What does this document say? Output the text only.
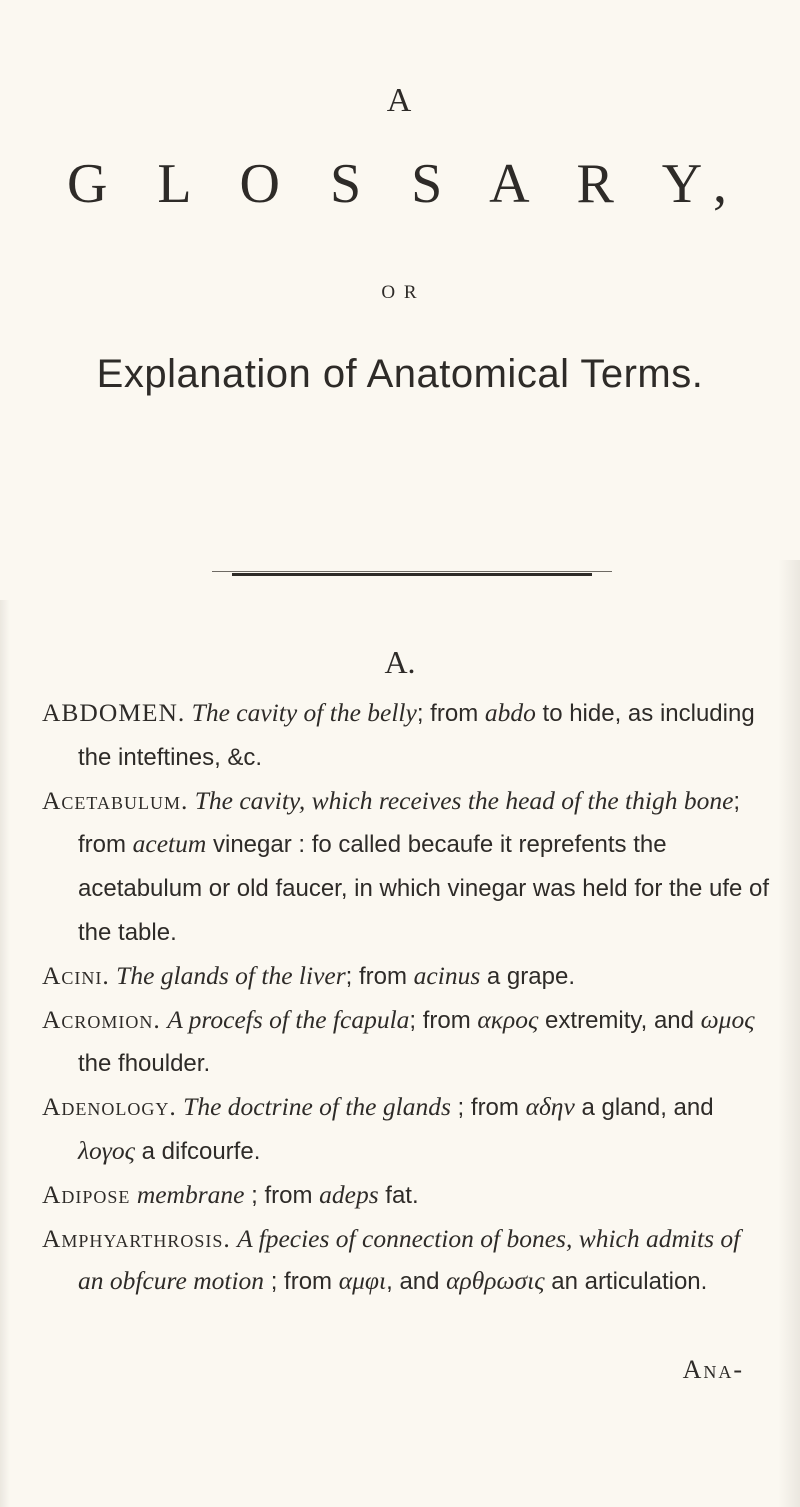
A
G L O S S A R Y,
O R
Explanation of Anatomical Terms.
A.

ABDOMEN. The cavity of the belly; from abdo to hide, as including the inteftines, &c.

Acetabulum. The cavity, which receives the head of the thigh bone; from acetum vinegar : fo called becaufe it reprefents the acetabulum or old faucer, in which vinegar was held for the ufe of the table.

Acini. The glands of the liver; from acinus a grape.

Acromion. A procefs of the fcapula; from ακρος extremity, and ωμος the fhoulder.

Adenology. The doctrine of the glands ; from αδην a gland, and λογος a difcourfe.

Adipose membrane ; from adeps fat.

Amphyarthrosis. A fpecies of connection of bones, which admits of an obfcure motion ; from αμφι, and αρθρωσις an articulation.

Ana-
